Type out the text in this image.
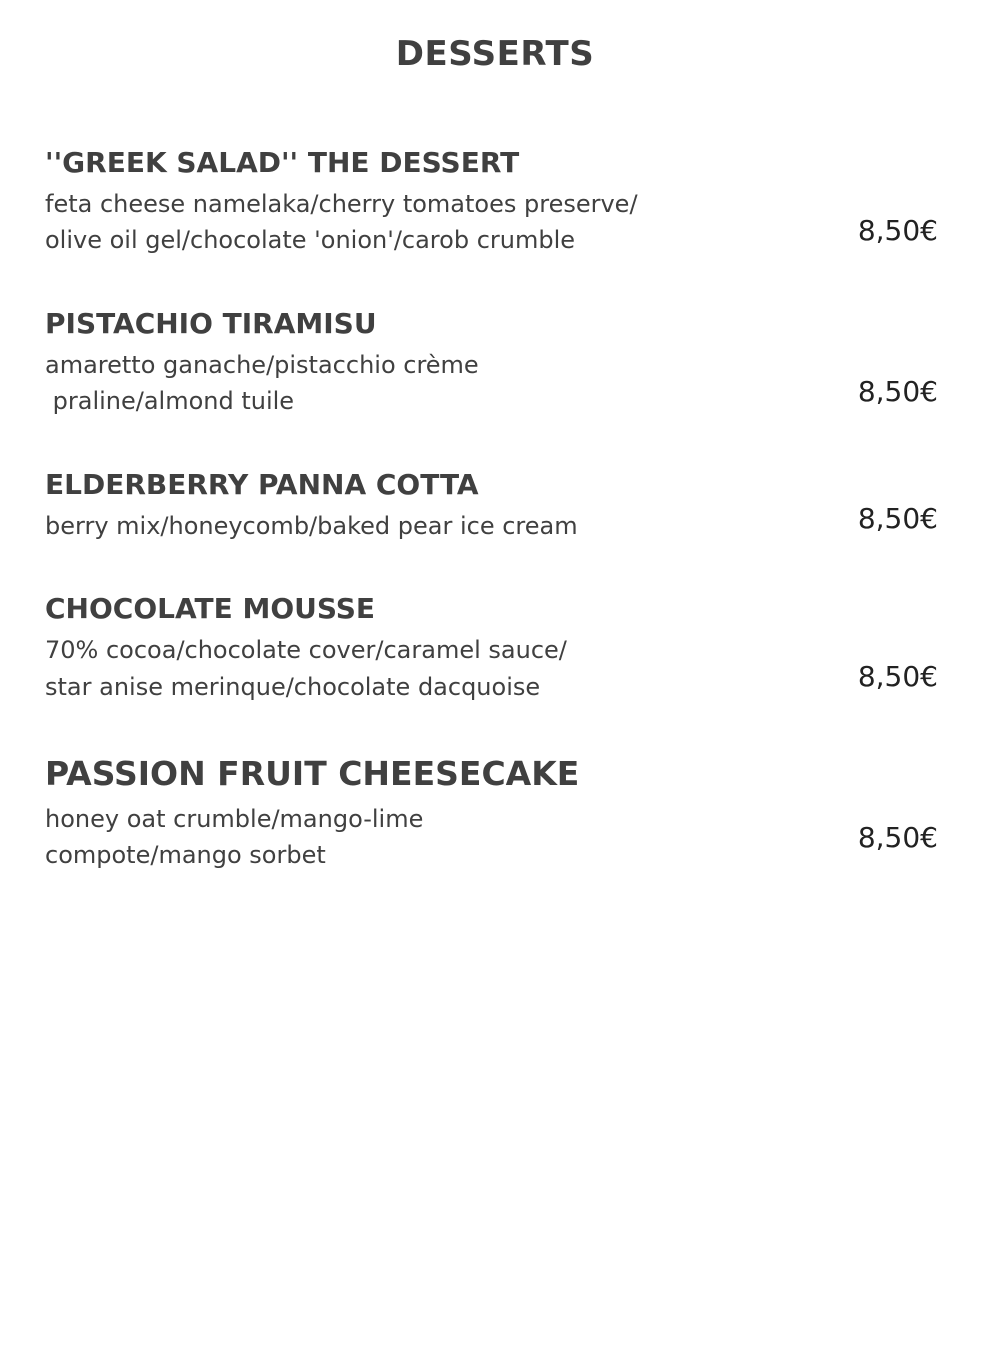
DESSERTS
''GREEK SALAD'' THE DESSERT
feta cheese namelaka/cherry tomatoes preserve/
olive oil gel/chocolate 'onion'/carob crumble	8,50€
PISTACHIO TIRAMISU
amaretto ganache/pistacchio crème
praline/almond tuile	8,50€
ELDERBERRY PANNA COTTA
berry mix/honeycomb/baked pear ice cream	8,50€
CHOCOLATE MOUSSE
70% cocoa/chocolate cover/caramel sauce/
star anise merinque/chocolate dacquoise	8,50€
PASSION FRUIT CHEESECAKE
honey oat crumble/mango-lime
compote/mango sorbet
8,50€
